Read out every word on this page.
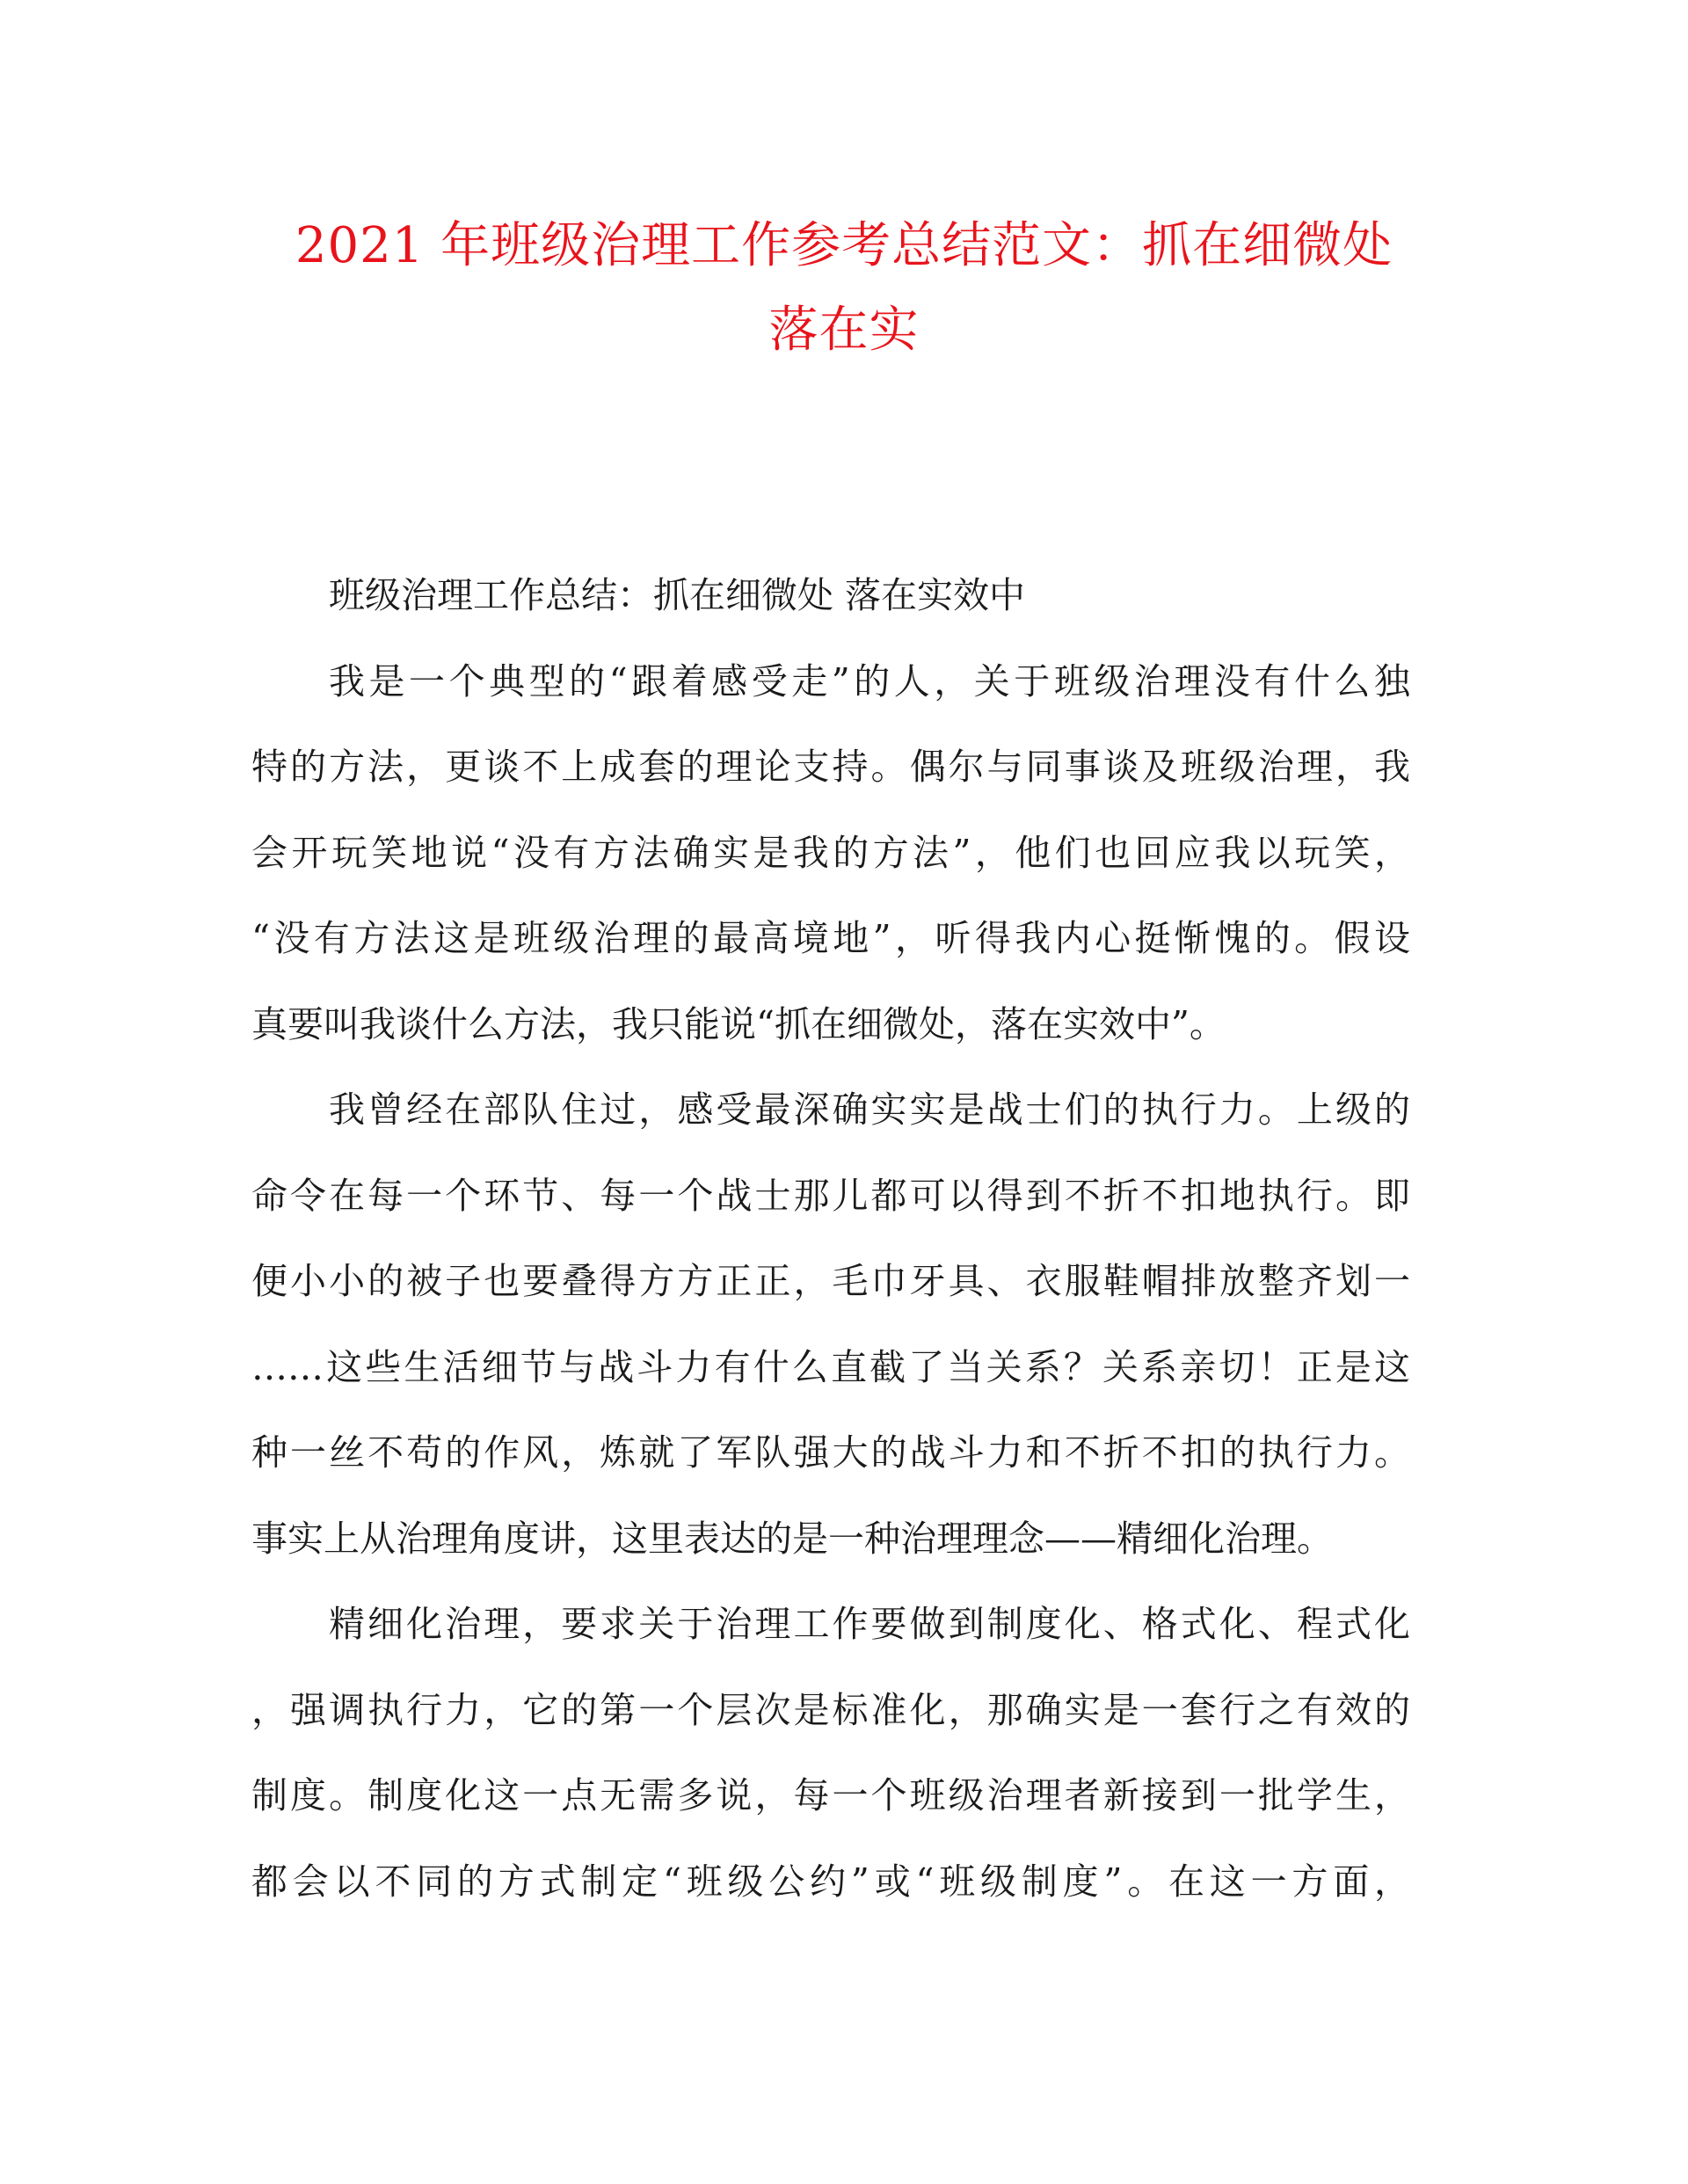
2021 年班级治理工作参考总结范文：抓在细微处
落在实
班级治理工作总结：抓在细微处 落在实效中
我是一个典型的“跟着感受走”的人，关于班级治理没有什么独
特的方法，更谈不上成套的理论支持。偶尔与同事谈及班级治理，我
会开玩笑地说“没有方法确实是我的方法”，他们也回应我以玩笑，
“没有方法这是班级治理的最高境地”，听得我内心挺惭愧的。假设
真要叫我谈什么方法，我只能说“抓在细微处，落在实效中”。
我曾经在部队住过，感受最深确实实是战士们的执行力。上级的
命令在每一个环节、每一个战士那儿都可以得到不折不扣地执行。即
便小小的被子也要叠得方方正正，毛巾牙具、衣服鞋帽排放整齐划一
……这些生活细节与战斗力有什么直截了当关系？关系亲切！正是这
种一丝不苟的作风，炼就了军队强大的战斗力和不折不扣的执行力。
事实上从治理角度讲，这里表达的是一种治理理念——精细化治理。
精细化治理，要求关于治理工作要做到制度化、格式化、程式化
，强调执行力，它的第一个层次是标准化，那确实是一套行之有效的
制度。制度化这一点无需多说，每一个班级治理者新接到一批学生，
都会以不同的方式制定“班级公约”或“班级制度”。在这一方面，
